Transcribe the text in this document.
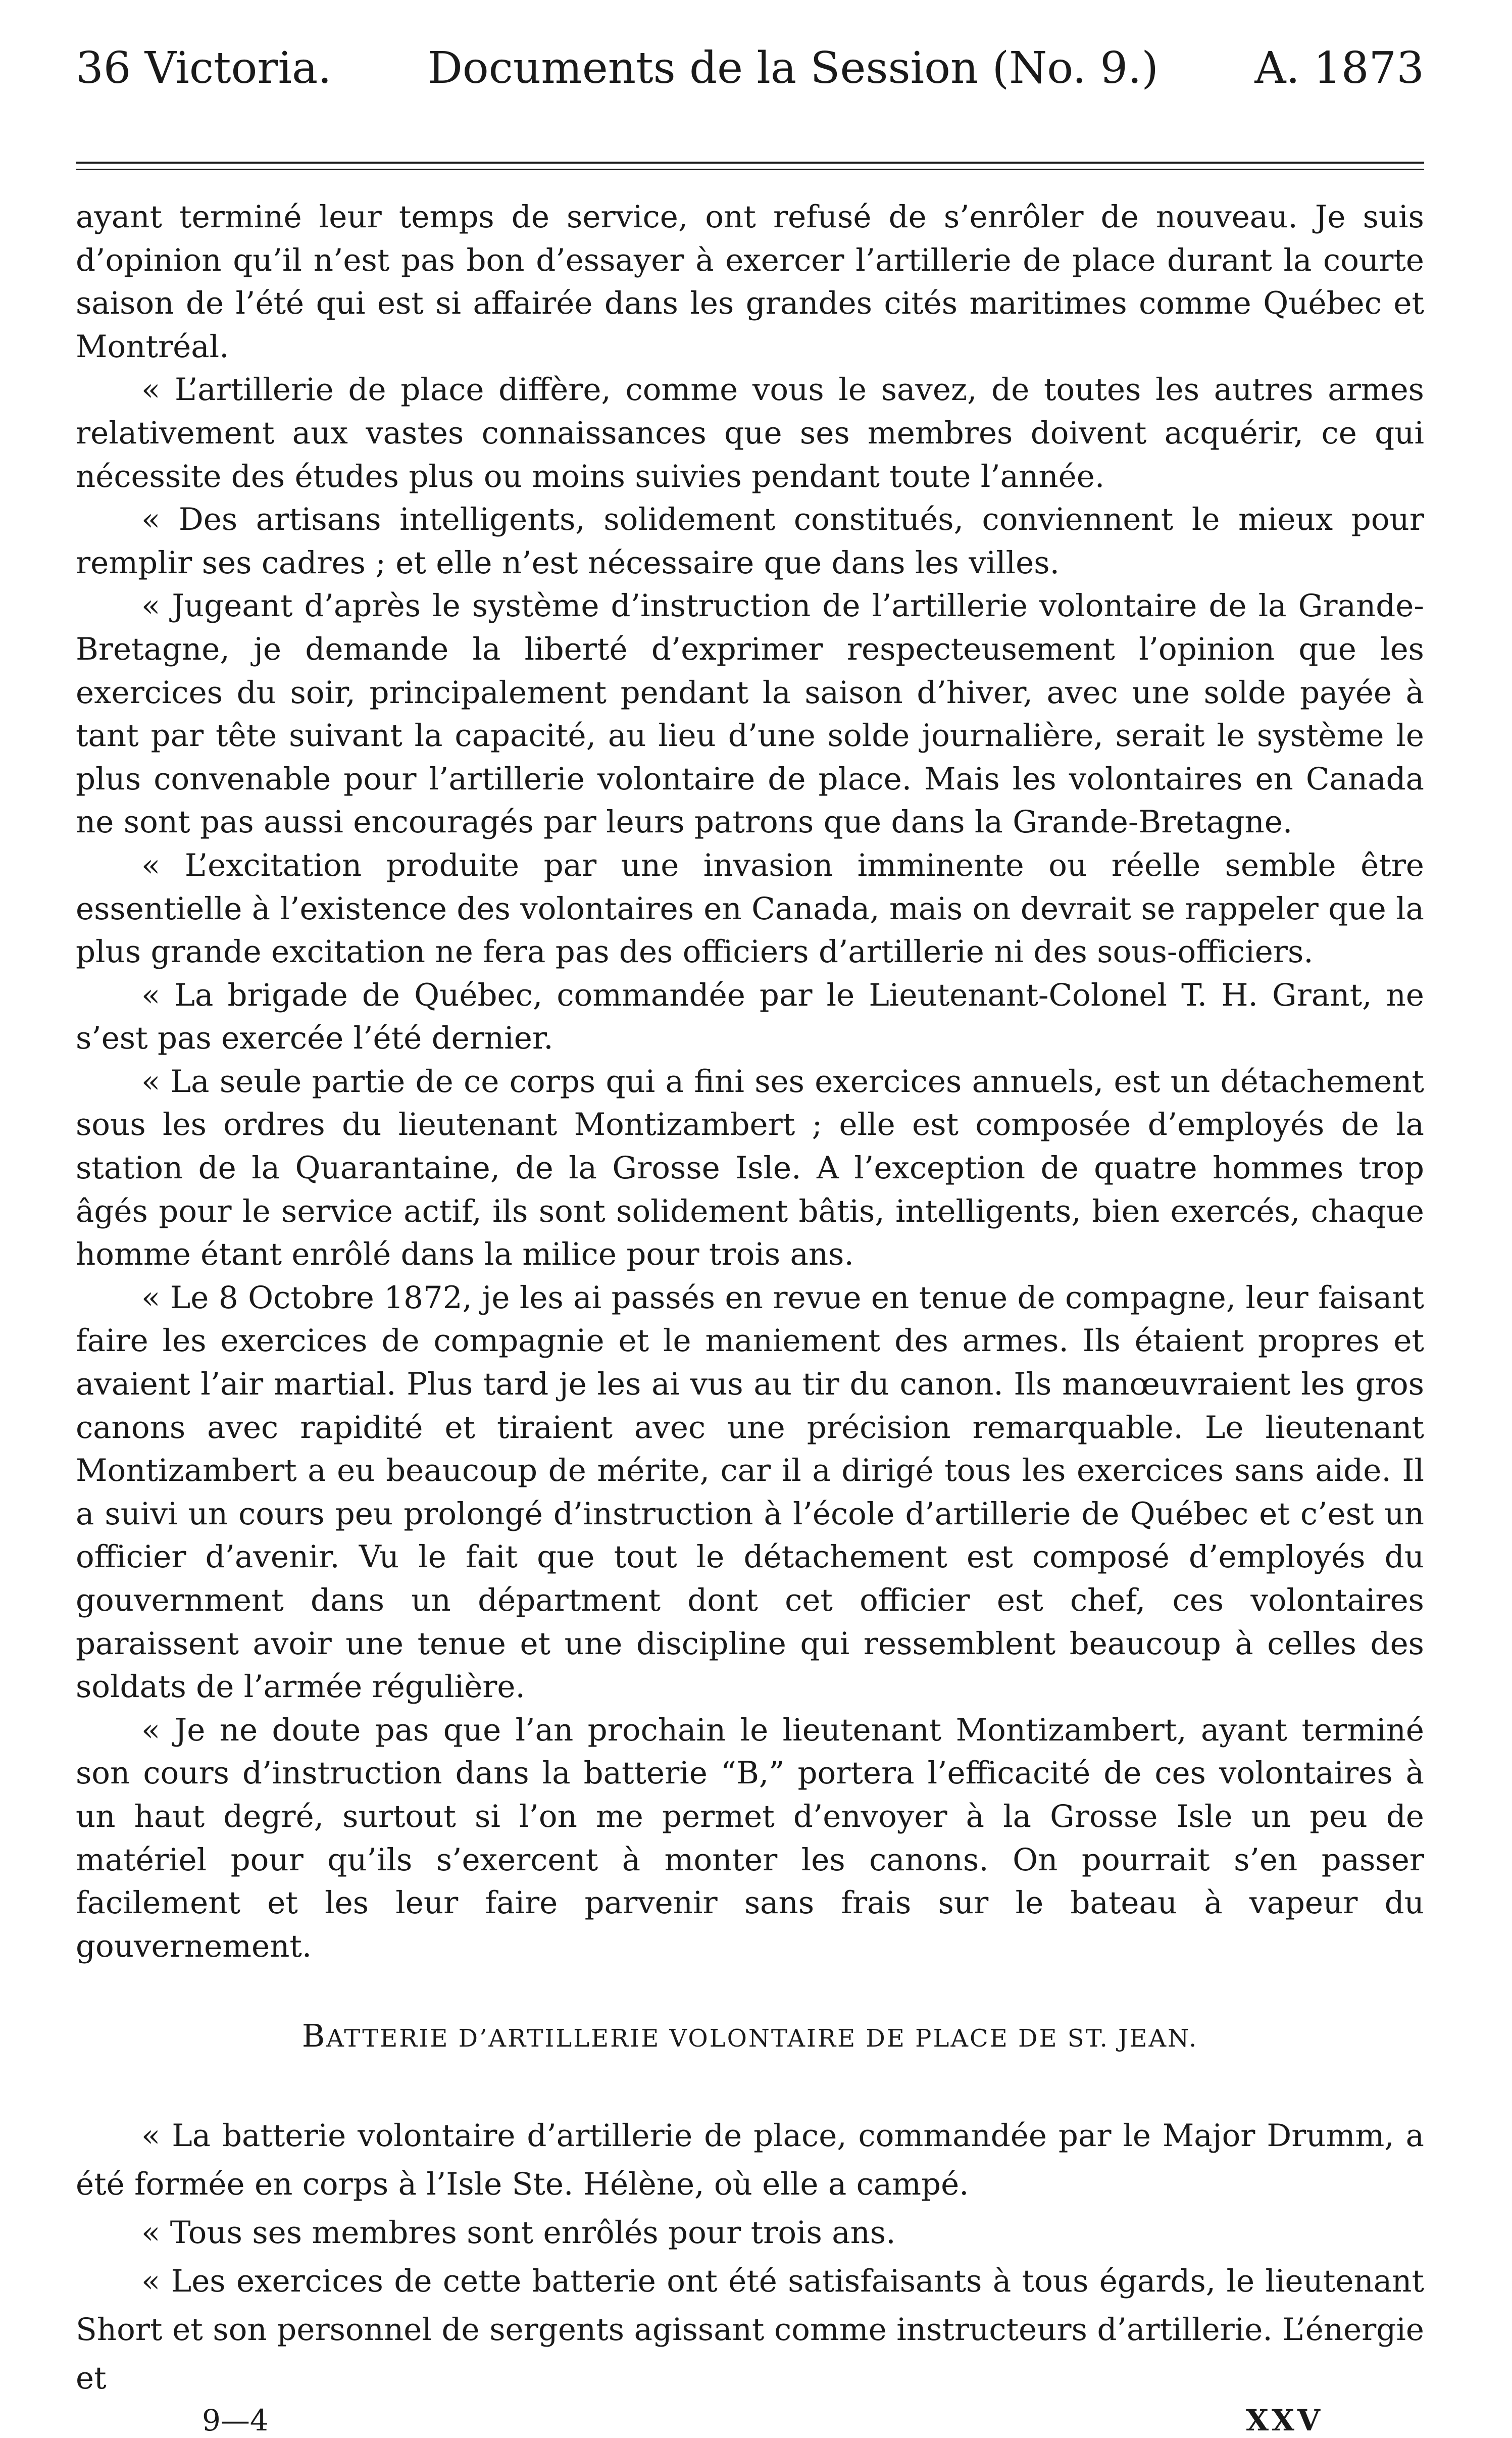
36 Victoria. Documents de la Session (No. 9.) A. 1873

ayant terminé leur temps de service, ont refusé de s’enrôler de nouveau. Je suis d’opinion qu’il n’est pas bon d’essayer à exercer l’artillerie de place durant la courte saison de l’été qui est si affairée dans les grandes cités maritimes comme Québec et Montréal.

« L’artillerie de place diffère, comme vous le savez, de toutes les autres armes relativement aux vastes connaissances que ses membres doivent acquérir, ce qui nécessite des études plus ou moins suivies pendant toute l’année.

« Des artisans intelligents, solidement constitués, conviennent le mieux pour remplir ses cadres ; et elle n’est nécessaire que dans les villes.

« Jugeant d’après le système d’instruction de l’artillerie volontaire de la Grande-Bretagne, je demande la liberté d’exprimer respecteusement l’opinion que les exercices du soir, principalement pendant la saison d’hiver, avec une solde payée à tant par tête suivant la capacité, au lieu d’une solde journalière, serait le système le plus convenable pour l’artillerie volontaire de place. Mais les volontaires en Canada ne sont pas aussi encouragés par leurs patrons que dans la Grande-Bretagne.

« L’excitation produite par une invasion imminente ou réelle semble être essentielle à l’existence des volontaires en Canada, mais on devrait se rappeler que la plus grande excitation ne fera pas des officiers d’artillerie ni des sous-officiers.

« La brigade de Québec, commandée par le Lieutenant-Colonel T. H. Grant, ne s’est pas exercée l’été dernier.

« La seule partie de ce corps qui a fini ses exercices annuels, est un détachement sous les ordres du lieutenant Montizambert ; elle est composée d’employés de la station de la Quarantaine, de la Grosse Isle. A l’exception de quatre hommes trop âgés pour le service actif, ils sont solidement bâtis, intelligents, bien exercés, chaque homme étant enrôlé dans la milice pour trois ans.

« Le 8 Octobre 1872, je les ai passés en revue en tenue de compagne, leur faisant faire les exercices de compagnie et le maniement des armes. Ils étaient propres et avaient l’air martial. Plus tard je les ai vus au tir du canon. Ils manœuvraient les gros canons avec rapidité et tiraient avec une précision remarquable. Le lieutenant Montizambert a eu beaucoup de mérite, car il a dirigé tous les exercices sans aide. Il a suivi un cours peu prolongé d’instruction à l’école d’artillerie de Québec et c’est un officier d’avenir. Vu le fait que tout le détachement est composé d’employés du gouvernment dans un départment dont cet officier est chef, ces volontaires paraissent avoir une tenue et une discipline qui ressemblent beaucoup à celles des soldats de l’armée régulière.

« Je ne doute pas que l’an prochain le lieutenant Montizambert, ayant terminé son cours d’instruction dans la batterie “B,” portera l’efficacité de ces volontaires à un haut degré, surtout si l’on me permet d’envoyer à la Grosse Isle un peu de matériel pour qu’ils s’exercent à monter les canons. On pourrait s’en passer facilement et les leur faire parvenir sans frais sur le bateau à vapeur du gouvernement.

BATTERIE D’ARTILLERIE VOLONTAIRE DE PLACE DE ST. JEAN.

« La batterie volontaire d’artillerie de place, commandée par le Major Drumm, a été formée en corps à l’Isle Ste. Hélène, où elle a campé.

« Tous ses membres sont enrôlés pour trois ans.

« Les exercices de cette batterie ont été satisfaisants à tous égards, le lieutenant Short et son personnel de sergents agissant comme instructeurs d’artillerie. L’énergie et

9—4	XXV
